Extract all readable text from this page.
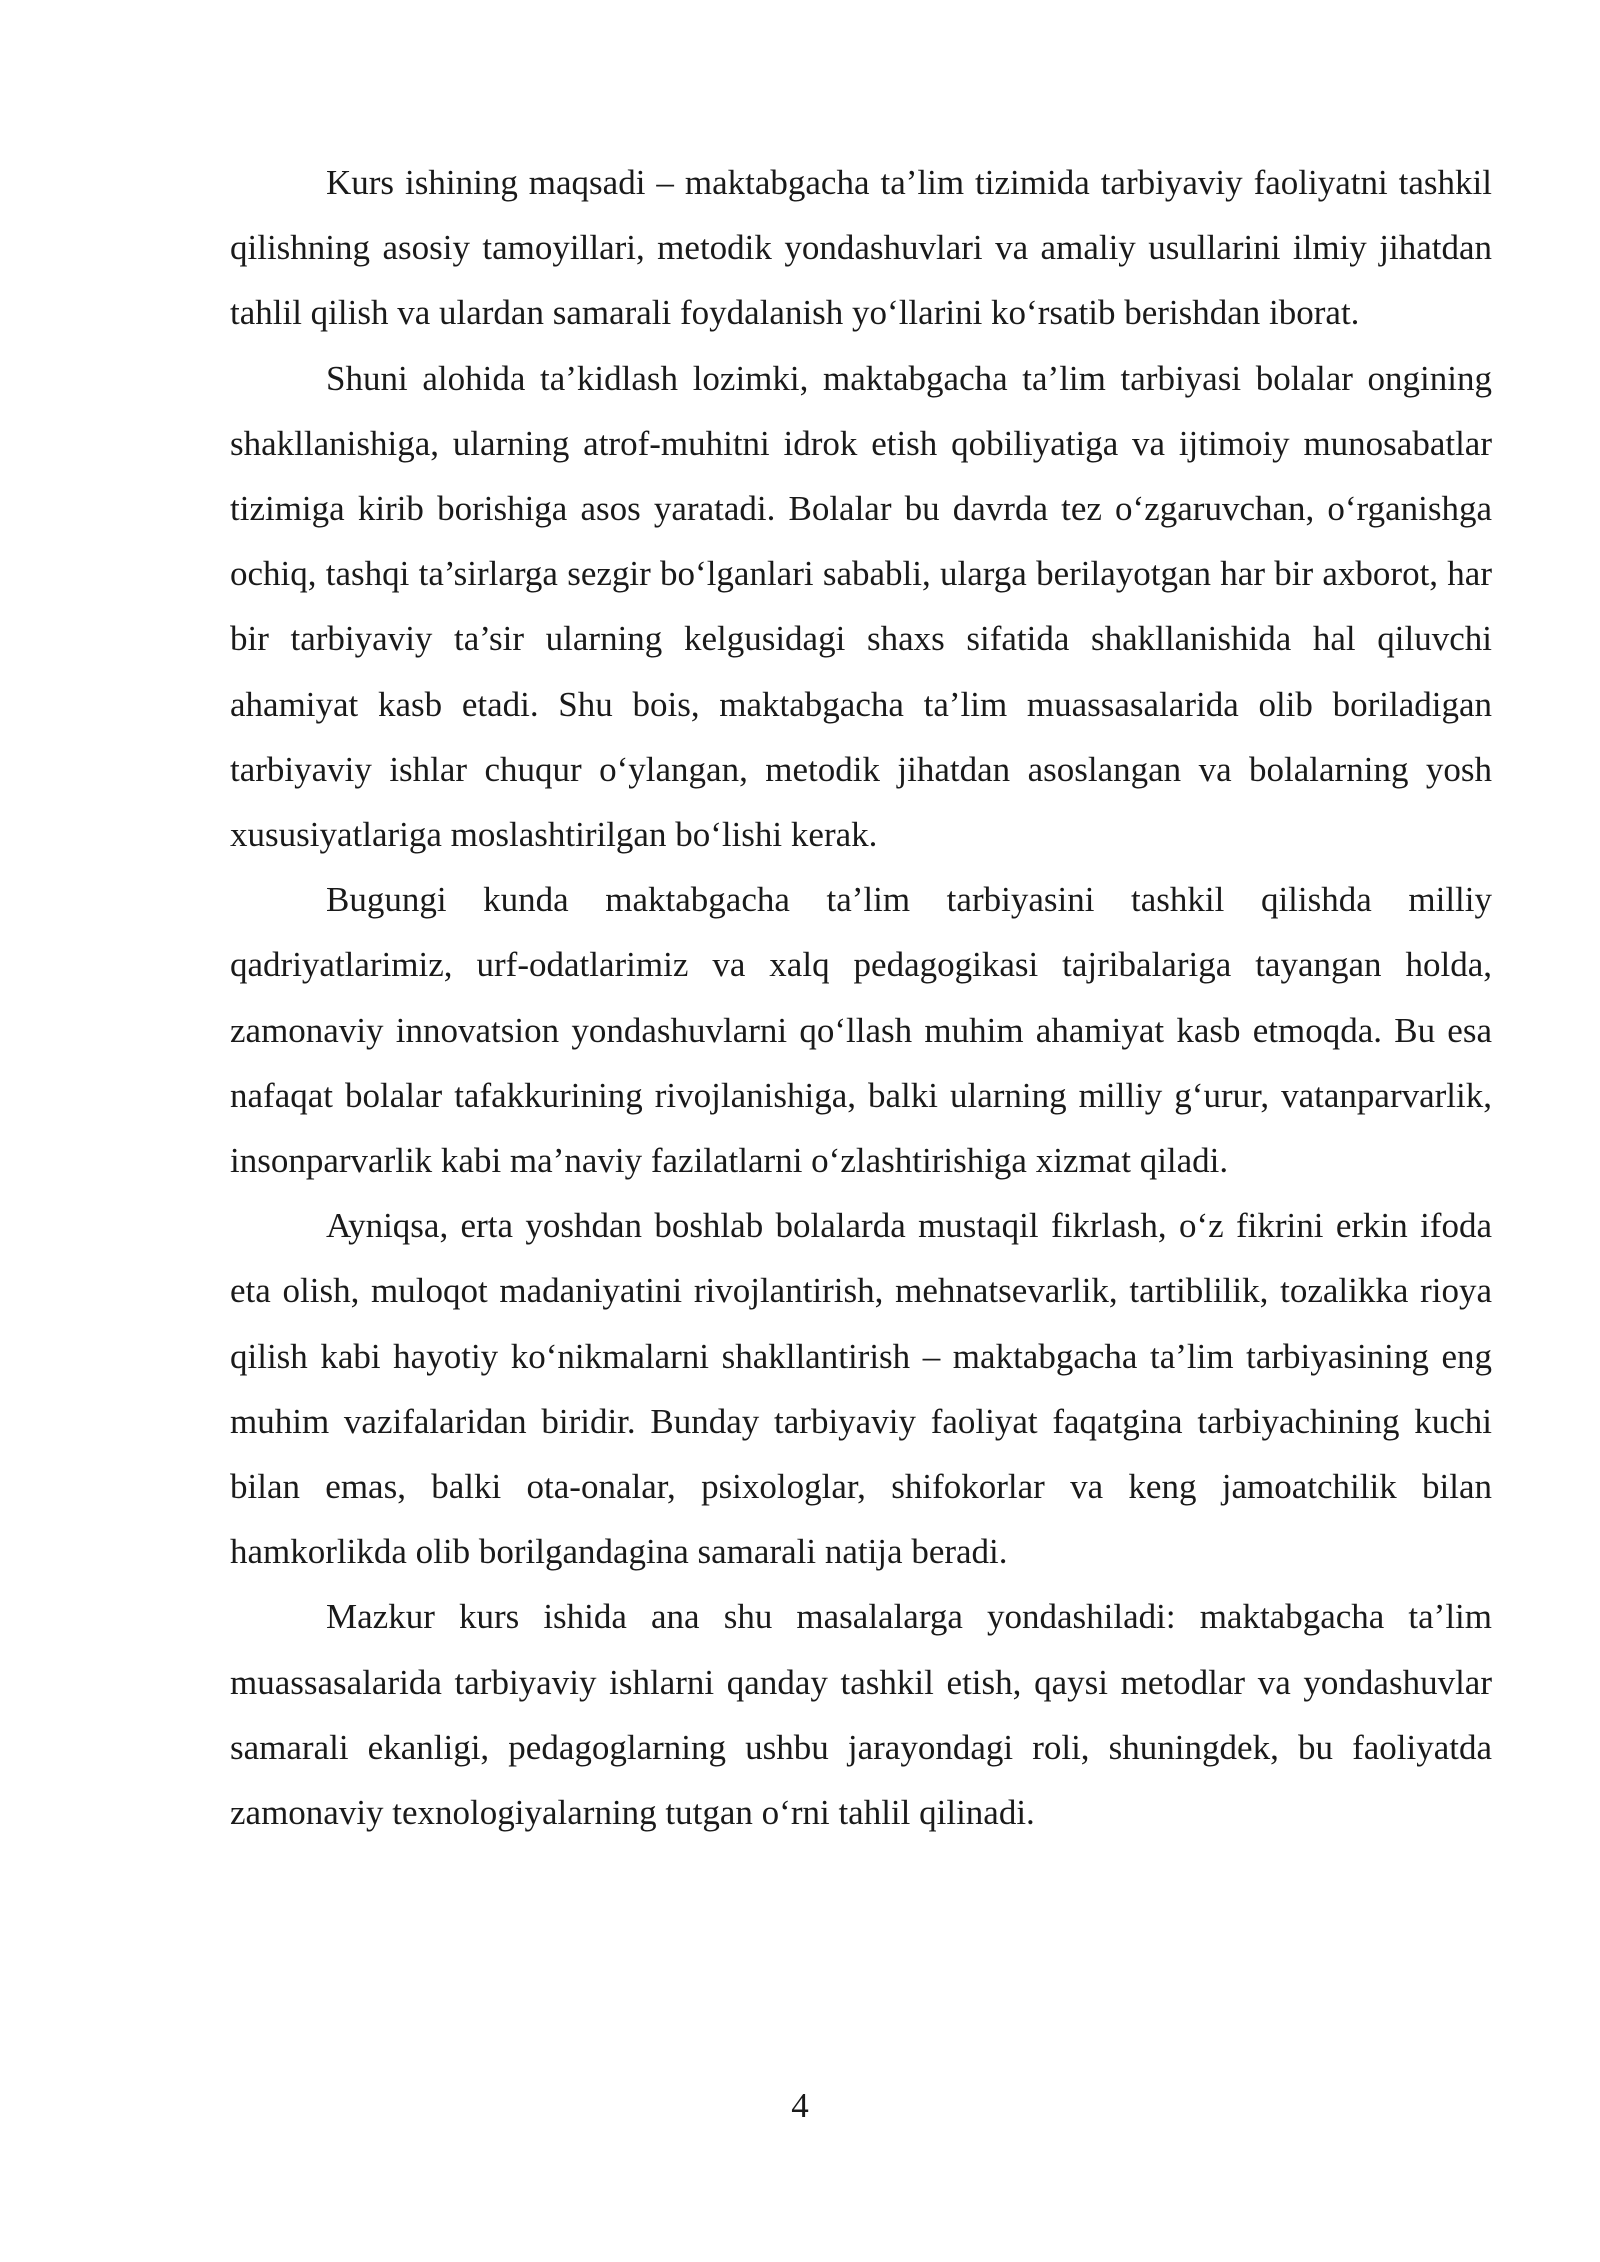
Kurs ishining maqsadi – maktabgacha ta’lim tizimida tarbiyaviy faoliyatni tashkil qilishning asosiy tamoyillari, metodik yondashuvlari va amaliy usullarini ilmiy jihatdan tahlil qilish va ulardan samarali foydalanish yo‘llarini ko‘rsatib berishdan iborat.

Shuni alohida ta’kidlash lozimki, maktabgacha ta’lim tarbiyasi bolalar ongining shakllanishiga, ularning atrof-muhitni idrok etish qobiliyatiga va ijtimoiy munosabatlar tizimiga kirib borishiga asos yaratadi. Bolalar bu davrda tez o‘zgaruvchan, o‘rganishga ochiq, tashqi ta’sirlarga sezgir bo‘lganlari sababli, ularga berilayotgan har bir axborot, har bir tarbiyaviy ta’sir ularning kelgusidagi shaxs sifatida shakllanishida hal qiluvchi ahamiyat kasb etadi. Shu bois, maktabgacha ta’lim muassasalarida olib boriladigan tarbiyaviy ishlar chuqur o‘ylangan, metodik jihatdan asoslangan va bolalarning yosh xususiyatlariga moslashtirilgan bo‘lishi kerak.

Bugungi kunda maktabgacha ta’lim tarbiyasini tashkil qilishda milliy qadriyatlarimiz, urf-odatlarimiz va xalq pedagogikasi tajribalariga tayangan holda, zamonaviy innovatsion yondashuvlarni qo‘llash muhim ahamiyat kasb etmoqda. Bu esa nafaqat bolalar tafakkurining rivojlanishiga, balki ularning milliy g‘urur, vatanparvarlik, insonparvarlik kabi ma’naviy fazilatlarni o‘zlashtirishiga xizmat qiladi.

Ayniqsa, erta yoshdan boshlab bolalarda mustaqil fikrlash, o‘z fikrini erkin ifoda eta olish, muloqot madaniyatini rivojlantirish, mehnatsevarlik, tartiblilik, tozalikka rioya qilish kabi hayotiy ko‘nikmalarni shakllantirish – maktabgacha ta’lim tarbiyasining eng muhim vazifalaridan biridir. Bunday tarbiyaviy faoliyat faqatgina tarbiyachining kuchi bilan emas, balki ota-onalar, psixologlar, shifokorlar va keng jamoatchilik bilan hamkorlikda olib borilgandagina samarali natija beradi.

Mazkur kurs ishida ana shu masalalarga yondashiladi: maktabgacha ta’lim muassasalarida tarbiyaviy ishlarni qanday tashkil etish, qaysi metodlar va yondashuvlar samarali ekanligi, pedagoglarning ushbu jarayondagi roli, shuningdek, bu faoliyatda zamonaviy texnologiyalarning tutgan o‘rni tahlil qilinadi.

4
